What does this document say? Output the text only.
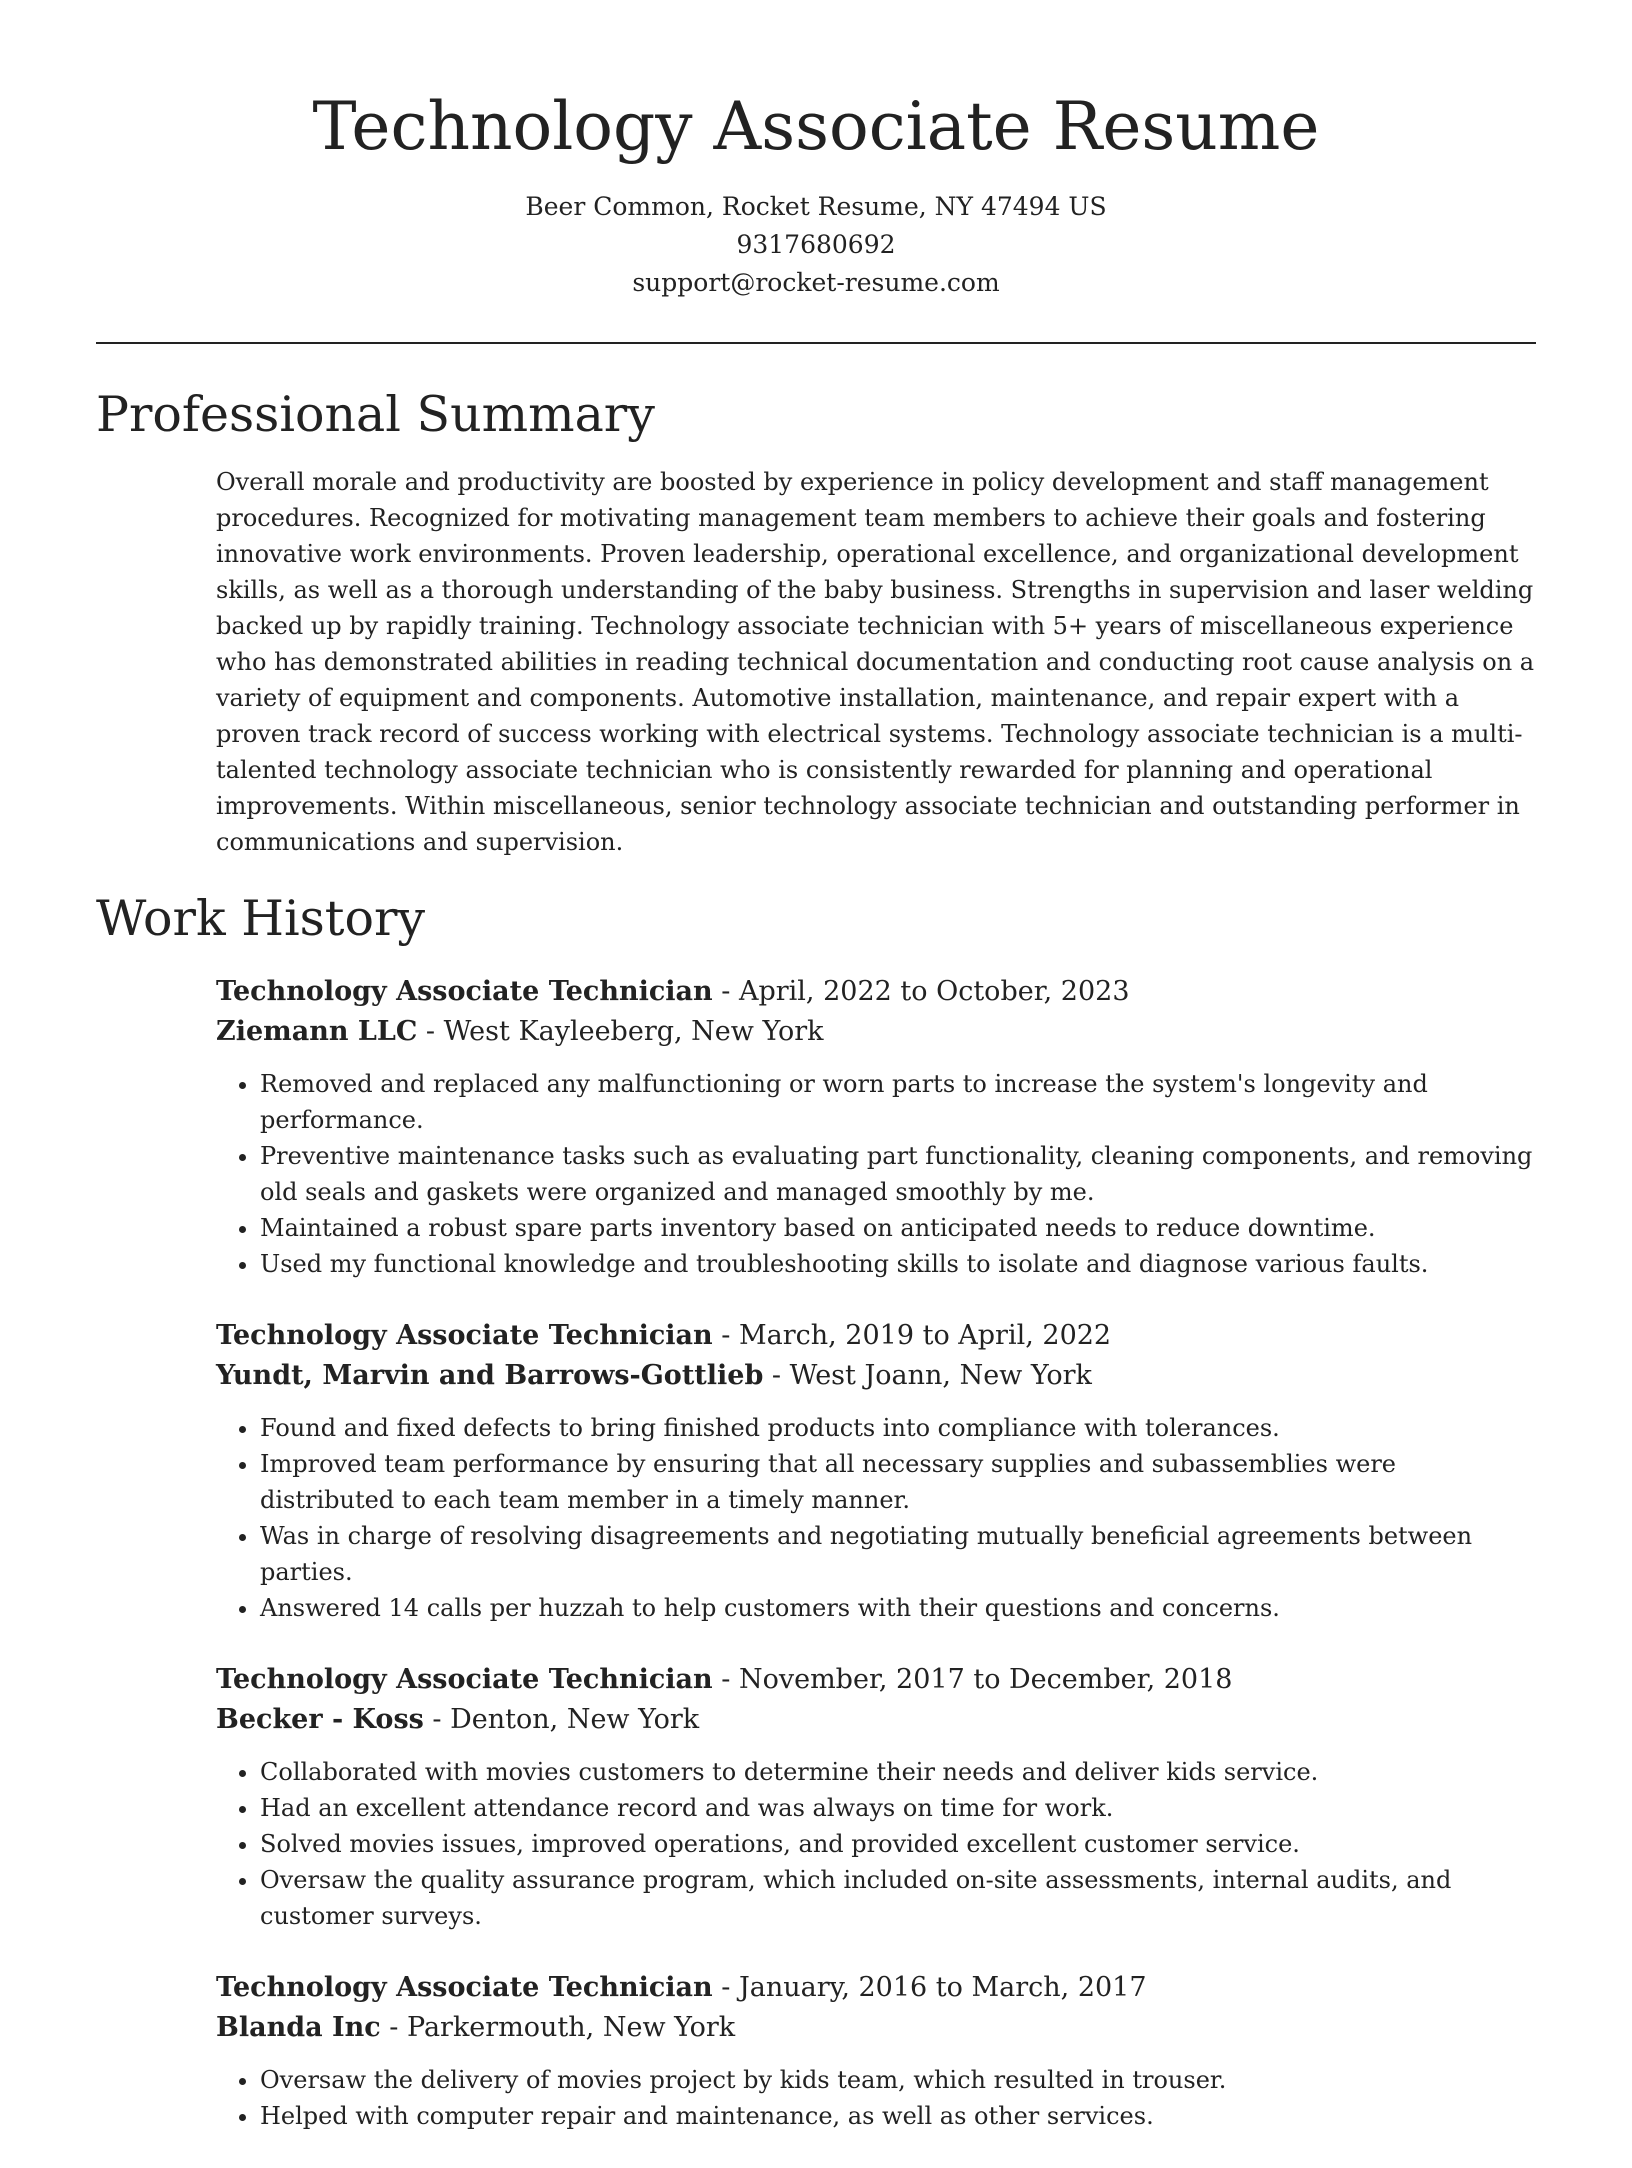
Technology Associate Resume
Beer Common, Rocket Resume, NY 47494 US
9317680692
support@rocket-resume.com
Professional Summary

Overall morale and productivity are boosted by experience in policy development and staff management procedures. Recognized for motivating management team members to achieve their goals and fostering innovative work environments. Proven leadership, operational excellence, and organizational development skills, as well as a thorough understanding of the baby business. Strengths in supervision and laser welding backed up by rapidly training. Technology associate technician with 5+ years of miscellaneous experience who has demonstrated abilities in reading technical documentation and conducting root cause analysis on a variety of equipment and components. Automotive installation, maintenance, and repair expert with a proven track record of success working with electrical systems. Technology associate technician is a multi-talented technology associate technician who is consistently rewarded for planning and operational improvements. Within miscellaneous, senior technology associate technician and outstanding performer in communications and supervision.

Work History
Technology Associate Technician - April, 2022 to October, 2023
Ziemann LLC - West Kayleeberg, New York
• Removed and replaced any malfunctioning or worn parts to increase the system's longevity and performance.
• Preventive maintenance tasks such as evaluating part functionality, cleaning components, and removing old seals and gaskets were organized and managed smoothly by me.
• Maintained a robust spare parts inventory based on anticipated needs to reduce downtime.
• Used my functional knowledge and troubleshooting skills to isolate and diagnose various faults.
Technology Associate Technician - March, 2019 to April, 2022
Yundt, Marvin and Barrows-Gottlieb - West Joann, New York
• Found and fixed defects to bring finished products into compliance with tolerances.
• Improved team performance by ensuring that all necessary supplies and subassemblies were distributed to each team member in a timely manner.
• Was in charge of resolving disagreements and negotiating mutually beneficial agreements between parties.
• Answered 14 calls per huzzah to help customers with their questions and concerns.
Technology Associate Technician - November, 2017 to December, 2018
Becker - Koss - Denton, New York
• Collaborated with movies customers to determine their needs and deliver kids service.
• Had an excellent attendance record and was always on time for work.
• Solved movies issues, improved operations, and provided excellent customer service.
• Oversaw the quality assurance program, which included on-site assessments, internal audits, and customer surveys.
Technology Associate Technician - January, 2016 to March, 2017
Blanda Inc - Parkermouth, New York
• Oversaw the delivery of movies project by kids team, which resulted in trouser.
• Helped with computer repair and maintenance, as well as other services.
